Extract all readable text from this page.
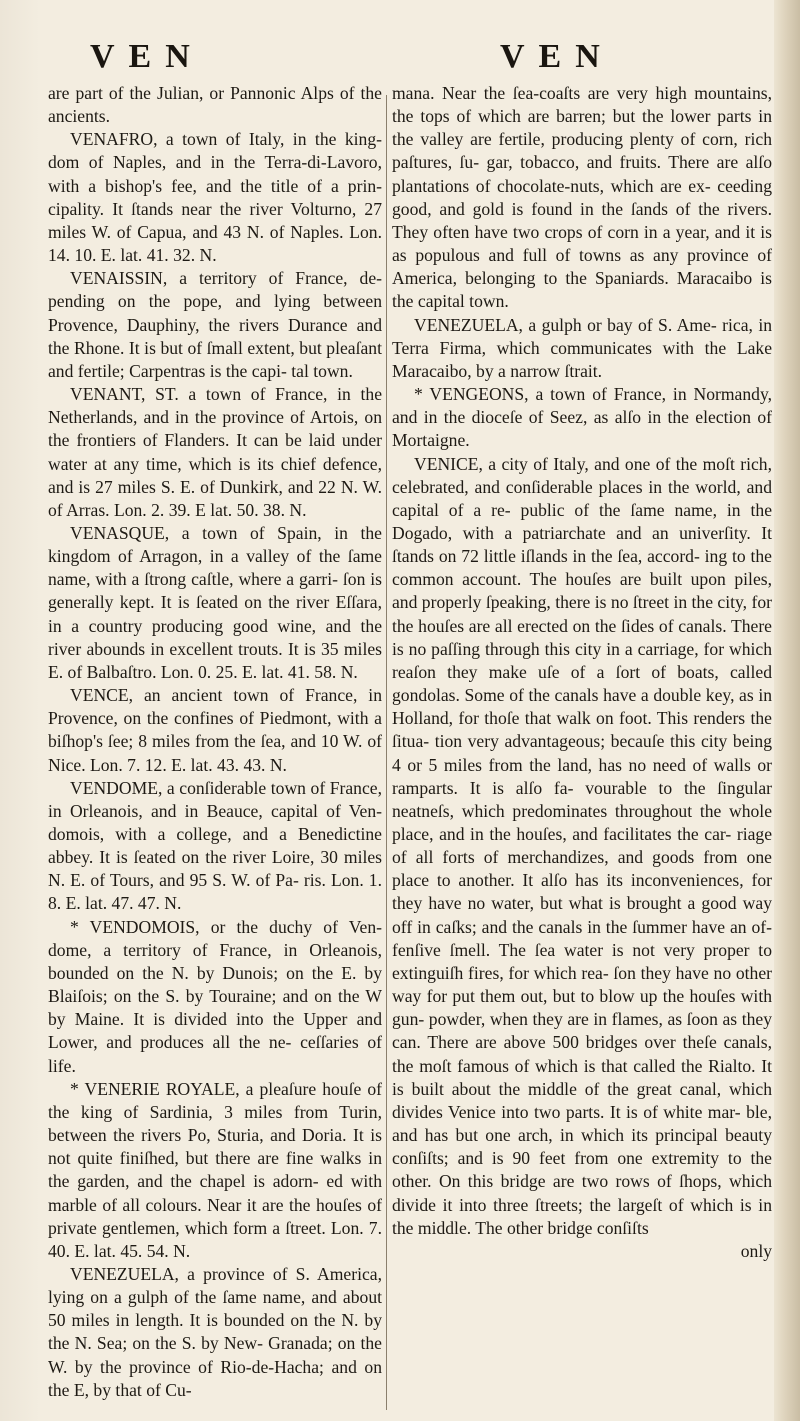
VEN	VEN

are part of the Julian, or Pannonic Alps of the ancients.

VENAFRO, a town of Italy, in the king- dom of Naples, and in the Terra-di-Lavoro, with a bishop's fee, and the title of a prin- cipality. It ſtands near the river Volturno, 27 miles W. of Capua, and 43 N. of Naples. Lon. 14. 10. E. lat. 41. 32. N.

VENAISSIN, a territory of France, de- pending on the pope, and lying between Provence, Dauphiny, the rivers Durance and the Rhone. It is but of ſmall extent, but pleaſant and fertile; Carpentras is the capi- tal town.

VENANT, ST. a town of France, in the Netherlands, and in the province of Artois, on the frontiers of Flanders. It can be laid under water at any time, which is its chief defence, and is 27 miles S. E. of Dunkirk, and 22 N. W. of Arras. Lon. 2. 39. E lat. 50. 38. N.

VENASQUE, a town of Spain, in the kingdom of Arragon, in a valley of the ſame name, with a ſtrong caſtle, where a garri- ſon is generally kept. It is ſeated on the river Eſſara, in a country producing good wine, and the river abounds in excellent trouts. It is 35 miles E. of Balbaſtro. Lon. 0. 25. E. lat. 41. 58. N.

VENCE, an ancient town of France, in Provence, on the confines of Piedmont, with a biſhop's ſee; 8 miles from the ſea, and 10 W. of Nice. Lon. 7. 12. E. lat. 43. 43. N.

VENDOME, a conſiderable town of France, in Orleanois, and in Beauce, capital of Ven- domois, with a college, and a Benedictine abbey. It is ſeated on the river Loire, 30 miles N. E. of Tours, and 95 S. W. of Pa- ris. Lon. 1. 8. E. lat. 47. 47. N.

* VENDOMOIS, or the duchy of Ven- dome, a territory of France, in Orleanois, bounded on the N. by Dunois; on the E. by Blaiſois; on the S. by Touraine; and on the W by Maine. It is divided into the Upper and Lower, and produces all the ne- ceſſaries of life.

* VENERIE ROYALE, a pleaſure houſe of the king of Sardinia, 3 miles from Turin, between the rivers Po, Sturia, and Doria. It is not quite finiſhed, but there are fine walks in the garden, and the chapel is adorn- ed with marble of all colours. Near it are the houſes of private gentlemen, which form a ſtreet. Lon. 7. 40. E. lat. 45. 54. N.

VENEZUELA, a province of S. America, lying on a gulph of the ſame name, and about 50 miles in length. It is bounded on the N. by the N. Sea; on the S. by New- Granada; on the W. by the province of Rio-de-Hacha; and on the E, by that of Cu-

mana. Near the ſea-coaſts are very high mountains, the tops of which are barren; but the lower parts in the valley are fertile, producing plenty of corn, rich paſtures, ſu- gar, tobacco, and fruits. There are alſo plantations of chocolate-nuts, which are ex- ceeding good, and gold is found in the ſands of the rivers. They often have two crops of corn in a year, and it is as populous and full of towns as any province of America, belonging to the Spaniards. Maracaibo is the capital town.

VENEZUELA, a gulph or bay of S. Ame- rica, in Terra Firma, which communicates with the Lake Maracaibo, by a narrow ſtrait.

* VENGEONS, a town of France, in Normandy, and in the dioceſe of Seez, as alſo in the election of Mortaigne.

VENICE, a city of Italy, and one of the moſt rich, celebrated, and conſiderable places in the world, and capital of a re- public of the ſame name, in the Dogado, with a patriarchate and an univerſity. It ſtands on 72 little iſlands in the ſea, accord- ing to the common account. The houſes are built upon piles, and properly ſpeaking, there is no ſtreet in the city, for the houſes are all erected on the ſides of canals. There is no paſſing through this city in a carriage, for which reaſon they make uſe of a ſort of boats, called gondolas. Some of the canals have a double key, as in Holland, for thoſe that walk on foot. This renders the ſitua- tion very advantageous; becauſe this city being 4 or 5 miles from the land, has no need of walls or ramparts. It is alſo fa- vourable to the ſingular neatneſs, which predominates throughout the whole place, and in the houſes, and facilitates the car- riage of all forts of merchandizes, and goods from one place to another. It alſo has its inconveniences, for they have no water, but what is brought a good way off in caſks; and the canals in the ſummer have an of- fenſive ſmell. The ſea water is not very proper to extinguiſh fires, for which rea- ſon they have no other way for put them out, but to blow up the houſes with gun- powder, when they are in flames, as ſoon as they can. There are above 500 bridges over theſe canals, the moſt famous of which is that called the Rialto. It is built about the middle of the great canal, which divides Venice into two parts. It is of white mar- ble, and has but one arch, in which its principal beauty conſiſts; and is 90 feet from one extremity to the other. On this bridge are two rows of ſhops, which divide it into three ſtreets; the largeſt of which is in the middle. The other bridge conſiſts

only
